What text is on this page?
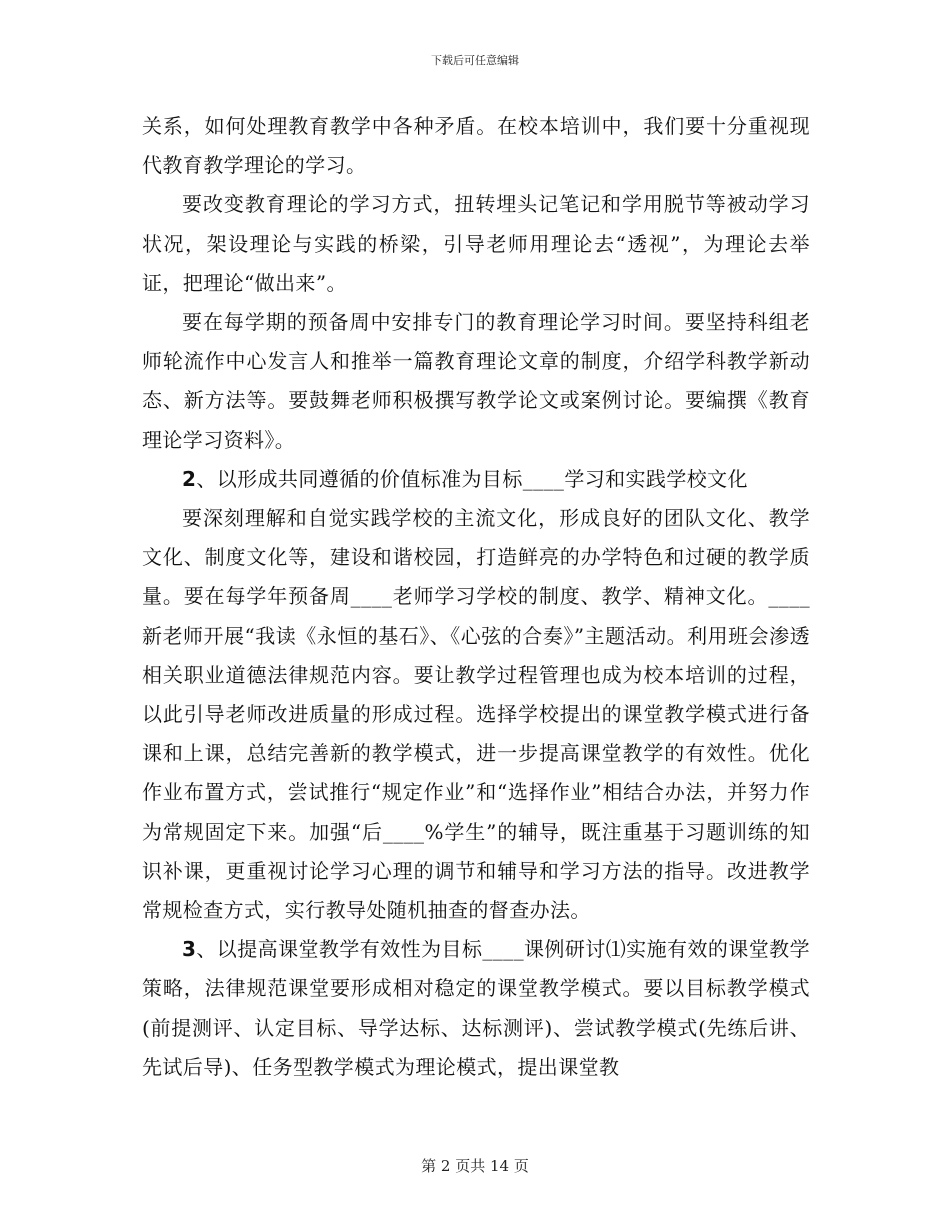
下载后可任意编辑

关系，如何处理教育教学中各种矛盾。在校本培训中，我们要十分重视现代教育教学理论的学习。

要改变教育理论的学习方式，扭转埋头记笔记和学用脱节等被动学习状况，架设理论与实践的桥梁，引导老师用理论去“透视”，为理论去举证，把理论“做出来”。

要在每学期的预备周中安排专门的教育理论学习时间。要坚持科组老师轮流作中心发言人和推举一篇教育理论文章的制度，介绍学科教学新动态、新方法等。要鼓舞老师积极撰写教学论文或案例讨论。要编撰《教育理论学习资料》。

2、以形成共同遵循的价值标准为目标____学习和实践学校文化

要深刻理解和自觉实践学校的主流文化，形成良好的团队文化、教学文化、制度文化等，建设和谐校园，打造鲜亮的办学特色和过硬的教学质量。要在每学年预备周____老师学习学校的制度、教学、精神文化。____新老师开展“我读《永恒的基石》、《心弦的合奏》”主题活动。利用班会渗透相关职业道德法律规范内容。要让教学过程管理也成为校本培训的过程，以此引导老师改进质量的形成过程。选择学校提出的课堂教学模式进行备课和上课，总结完善新的教学模式，进一步提高课堂教学的有效性。优化作业布置方式，尝试推行“规定作业”和“选择作业”相结合办法，并努力作为常规固定下来。加强“后____%学生”的辅导，既注重基于习题训练的知识补课，更重视讨论学习心理的调节和辅导和学习方法的指导。改进教学常规检查方式，实行教导处随机抽查的督查办法。

3、以提高课堂教学有效性为目标____课例研讨⑴实施有效的课堂教学策略，法律规范课堂要形成相对稳定的课堂教学模式。要以目标教学模式(前提测评、认定目标、导学达标、达标测评)、尝试教学模式(先练后讲、先试后导)、任务型教学模式为理论模式，提出课堂教

第 2 页共 14 页
